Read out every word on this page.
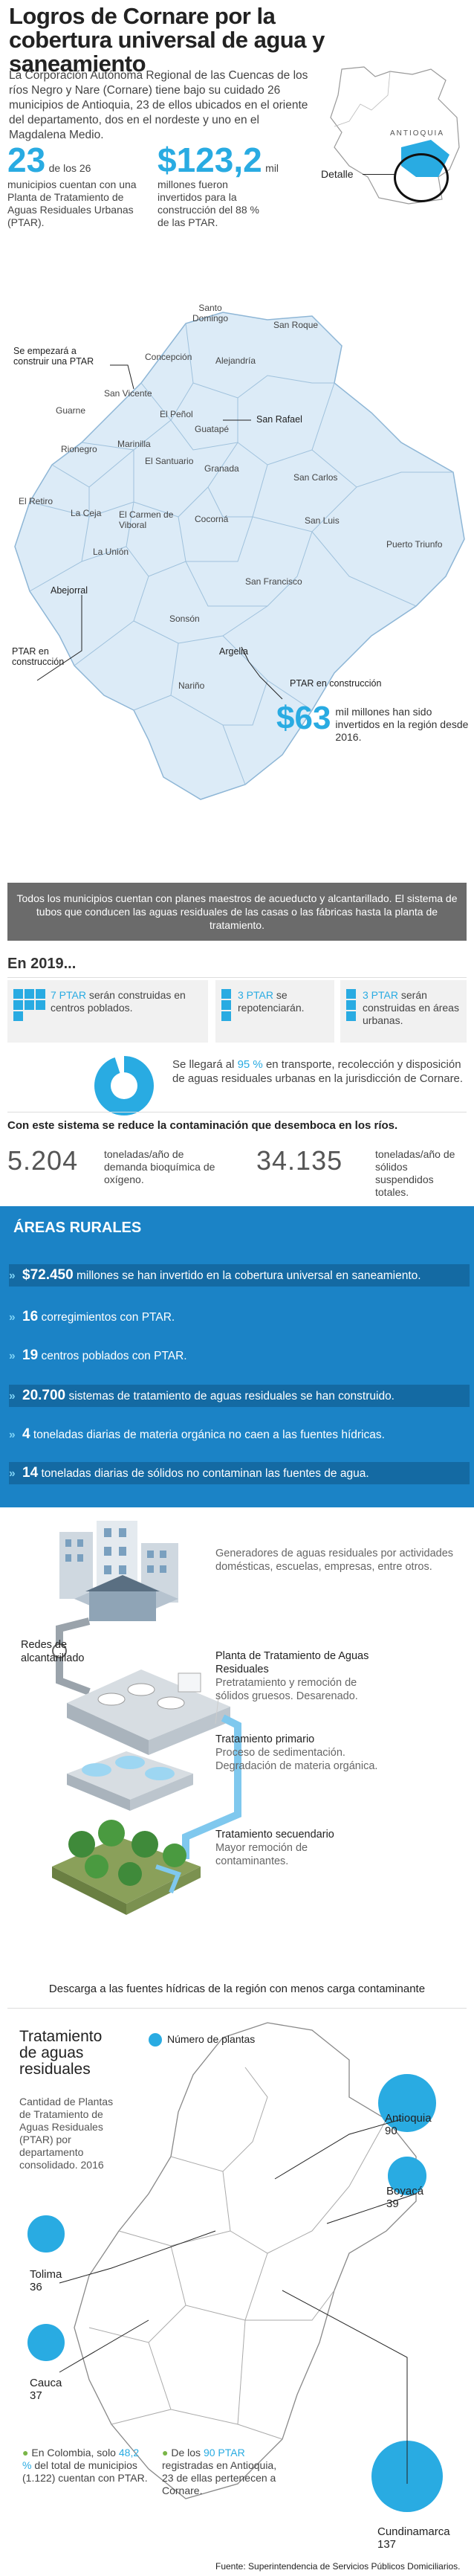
Logros de Cornare por la cobertura universal de agua y saneamiento
La Corporación Autónoma Regional de las Cuencas de los ríos Negro y Nare (Cornare) tiene bajo su cuidado 26 municipios de Antioquia, 23 de ellos ubicados en el oriente del departamento, dos en el nordeste y uno en el Magdalena Medio.	ANTIOQUIA
Detalle
23 de los 26
municipios cuentan con una Planta de Tratamiento de Aguas Residuales Urbanas (PTAR).
$123,2 mil
millones fueron invertidos para la construcción del 88 % de las PTAR.
Santo Domingo
San Roque
Concepción	Alejandría
San Vicente
Guarne	El Peñol
Guatapé
Rionegro Marinilla
El Santuario
Granada
San Carlos
El Retiro
La Ceja El Carmen de Viboral
Cocorná	San Luis
Puerto Triunfo
La Unión
San Francisco
Sonsón
Nariño
Se empezará a construir una PTAR
San Rafael
Abejorral
PTAR en construcción
Argelia
PTAR en construcción
$63 mil millones han sido invertidos en la región desde 2016.
Todos los municipios cuentan con planes maestros de acueducto y alcantarillado. El sistema de tubos que conducen las aguas residuales de las casas o las fábricas hasta la planta de tratamiento.
En 2019...
7 PTAR serán construidas en centros poblados.
3 PTAR se repotenciarán.
3 PTAR serán construidas en áreas urbanas.
Se llegará al 95 % en transporte, recolección y disposición de aguas residuales urbanas en la jurisdicción de Cornare.
Con este sistema se reduce la contaminación que desemboca en los ríos.
5.204 toneladas/año de demanda bioquímica de oxígeno.
34.135	toneladas/año de sólidos suspendidos totales.
ÁREAS RURALES
» $72.450 millones se han invertido en la cobertura universal en saneamiento.
» 16 corregimientos con PTAR.
» 19 centros poblados con PTAR.
» 20.700 sistemas de tratamiento de aguas residuales se han construido.
» 4 toneladas diarias de materia orgánica no caen a las fuentes hídricas.
» 14 toneladas diarias de sólidos no contaminan las fuentes de agua.
Generadores de aguas residuales por actividades domésticas, escuelas, empresas, entre otros.
Redes de alcantarillado	Planta de Tratamiento de Aguas Residuales
Pretratamiento y remoción de sólidos gruesos. Desarenado.
Tratamiento primario
Proceso de sedimentación.
Degradación de materia orgánica.
Tratamiento secuendario
Mayor remoción de contaminantes.
Descarga a las fuentes hídricas de la región con menos carga contaminante
Tratamiento de aguas residuales
Cantidad de Plantas de Tratamiento de Aguas Residuales (PTAR) por departamento consolidado. 2016
Número de plantas
Antioquia
90
Boyacá
39
Tolima
36
Cauca
37
Cundinamarca
137
● En Colombia, solo 48,2 % del total de municipios (1.122) cuentan con PTAR.
● De los 90 PTAR registradas en Antioquia, 23 de ellas pertenecen a Cornare.
Fuente: Superintendencia de Servicios Públicos Domiciliarios.
